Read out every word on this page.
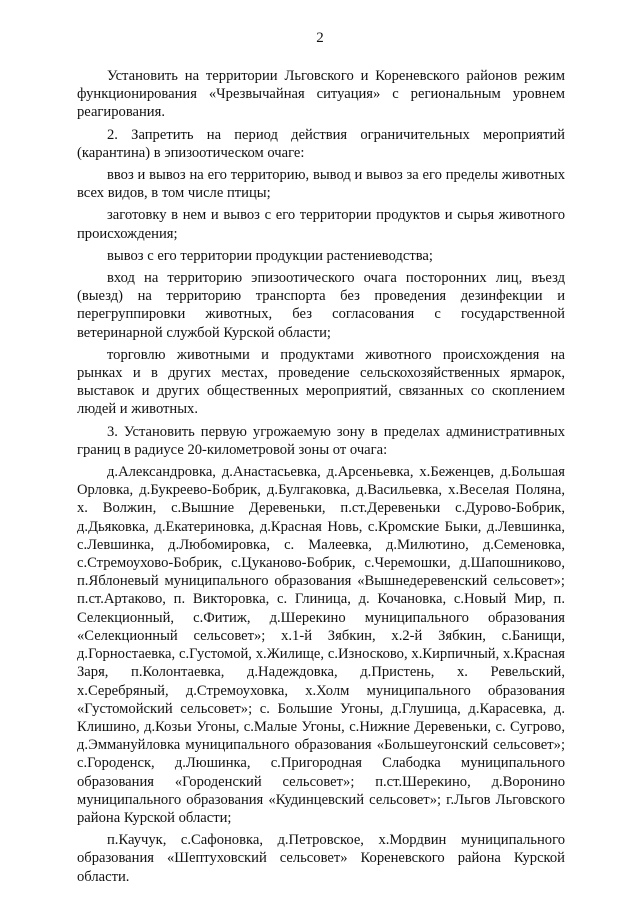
2

Установить на территории Льговского и Кореневского районов режим функционирования «Чрезвычайная ситуация» с региональным уровнем реагирования.

2. Запретить на период действия ограничительных мероприятий (карантина) в эпизоотическом очаге:

ввоз и вывоз на его территорию, вывод и вывоз за его пределы животных всех видов, в том числе птицы;

заготовку в нем и вывоз с его территории продуктов и сырья животного происхождения;

вывоз с его территории продукции растениеводства;

вход на территорию эпизоотического очага посторонних лиц, въезд (выезд) на территорию транспорта без проведения дезинфекции и перегруппировки животных, без согласования с государственной ветеринарной службой Курской области;

торговлю животными и продуктами животного происхождения на рынках и в других местах, проведение сельскохозяйственных ярмарок, выставок и других общественных мероприятий, связанных со скоплением людей и животных.

3. Установить первую угрожаемую зону в пределах административных границ в радиусе 20-километровой зоны от очага:

д.Александровка, д.Анастасьевка, д.Арсеньевка, х.Беженцев, д.Большая Орловка, д.Букреево-Бобрик, д.Булгаковка, д.Васильевка, х.Веселая Поляна, х. Волжин, с.Вышние Деревеньки, п.ст.Деревеньки с.Дурово-Бобрик, д.Дьяковка, д.Екатериновка, д.Красная Новь, с.Кромские Быки, д.Левшинка, с.Левшинка, д.Любомировка, с. Малеевка, д.Милютино, д.Семеновка, с.Стремоухово-Бобрик, с.Цуканово-Бобрик, с.Черемошки, д.Шапошниково, п.Яблоневый муниципального образования «Вышнедеревенский сельсовет»; п.ст.Артаково, п. Викторовка, с. Глиница, д. Кочановка, с.Новый Мир, п. Селекционный, с.Фитиж, д.Шерекино муниципального образования «Селекционный сельсовет»; х.1-й Зябкин, х.2-й Зябкин, с.Банищи, д.Горностаевка, с.Густомой, х.Жилище, с.Износково, х.Кирпичный, х.Красная Заря, п.Колонтаевка, д.Надеждовка, д.Пристень, х. Ревельский, х.Серебряный, д.Стремоуховка, х.Холм муниципального образования «Густомойский сельсовет»; с. Большие Угоны, д.Глушица, д.Карасевка, д. Клишино, д.Козьи Угоны, с.Малые Угоны, с.Нижние Деревеньки, с. Сугрово, д.Эммануйловка муниципального образования «Большеугонский сельсовет»; с.Городенск, д.Люшинка, с.Пригородная Слабодка муниципального образования «Городенский сельсовет»; п.ст.Шерекино, д.Воронино муниципального образования «Кудинцевский сельсовет»; г.Льгов Льговского района Курской области;

п.Каучук, с.Сафоновка, д.Петровское, х.Мордвин муниципального образования «Шептуховский сельсовет» Кореневского района Курской области.
